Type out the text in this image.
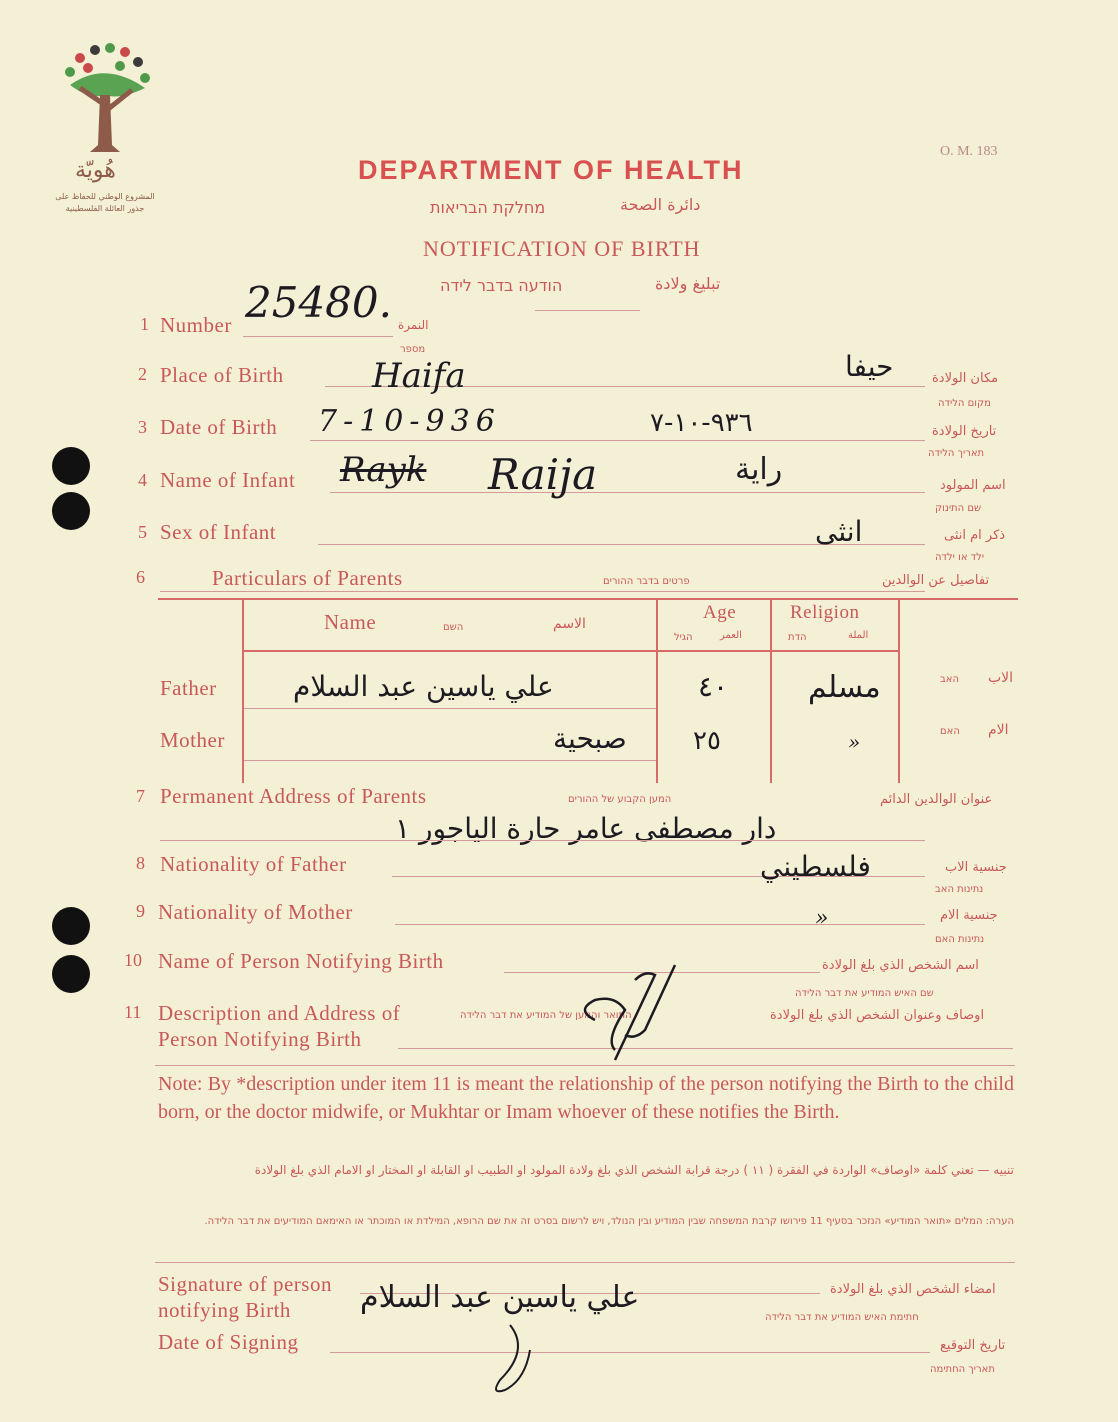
هُويّة
المشروع الوطني للحفاظ على
جذور العائلة الفلسطينية
O. M. 183
DEPARTMENT OF HEALTH
دائرة الصحة
מחלקת הבריאות
NOTIFICATION OF BIRTH
تبليغ ولادة
הודעה בדבר לידה
1 Number	النمرة
מספר
25480.
2 Place of Birth	Haifa	حيفا	مكان الولادة
מקום הלידה
3 Date of Birth 7-10-936	٩٣٦-١٠-٧	تاريخ الولادة
תאריך הלידה
4 Name of Infant Rayk Raija	راية	اسم المولود
שם התינוק
5 Sex of Infant	انثى	ذكر ام انثى
ילד או ילדה
6	Particulars of Parents	פרטים בדבר ההורים	تفاصيل عن الوالدين
Name	השם	الاسم
Age
العمر
הגיל
Religion
הדת	الملة
Father	علي ياسين عبد السلام	٤٠	مسلم	الاب
האב
Mother	صبحية	٢٥	»	الام
האם
7 Permanent Address of Parents	המען הקבוע של ההורים	عنوان الوالدين الدائم
دار مصطفى عامر حارة الياجور ١
8 Nationality of Father	فلسطيني	جنسية الاب
נתינות האב
9 Nationality of Mother	»	جنسية الام
נתינות האם
10 Name of Person Notifying Birth	اسم الشخص الذي بلغ الولادة
שם האיש המודיע את דבר הלידה
11 Description and Address of
Person Notifying Birth
התואר והמען של המודיע את דבר הלידה	اوصاف وعنوان الشخص الذي بلغ الولادة
Note: By *description under item 11 is meant the relationship of the person notifying the Birth to the child born, or the doctor midwife, or Mukhtar or Imam whoever of these notifies the Birth.
تنبيه — تعني كلمة «اوصاف» الواردة في الفقرة ( ١١ ) درجة قرابة الشخص الذي بلغ ولادة المولود او الطبيب او القابلة او المختار او الامام الذي بلغ الولادة
הערה: המלים «תואר המודיע» הנזכר בסעיף 11 פירושו קרבת המשפחה שבין המודיע ובין הנולד, ויש לרשום בסרט זה את שם הרופא, המילדת או המוכתר או האימאם המודיעים את דבר הלידה.
Signature of person
notifying Birth
Date of Signing
علي ياسين عبد السلام	امضاء الشخص الذي بلغ الولادة
חתימת האיש המודיע את דבר הלידה
تاريخ التوقيع
תאריך החתימה
